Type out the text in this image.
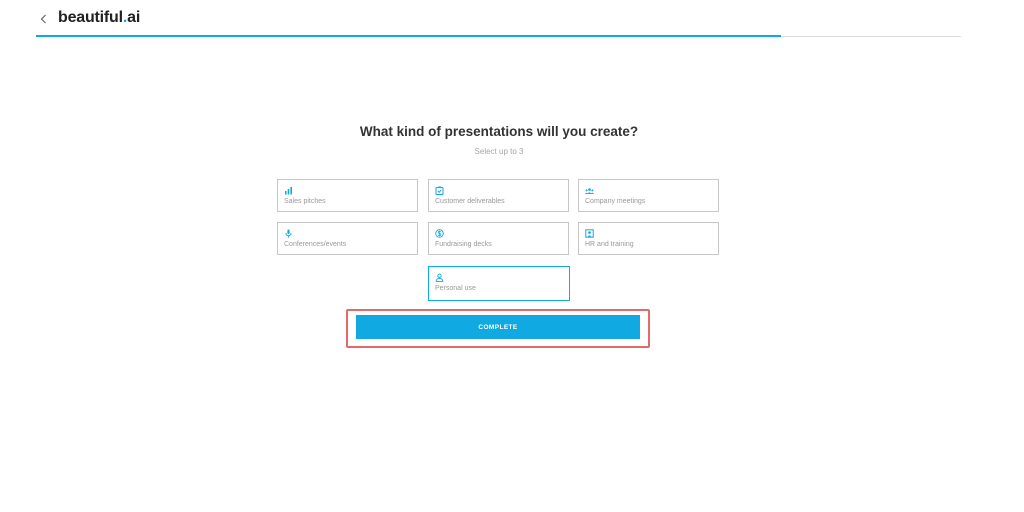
beautiful.ai
What kind of presentations will you create?
Select up to 3
Sales pitches	Customer deliverables	Company meetings
Conferences/events	Fundraising decks	HR and training
Personal use
COMPLETE
